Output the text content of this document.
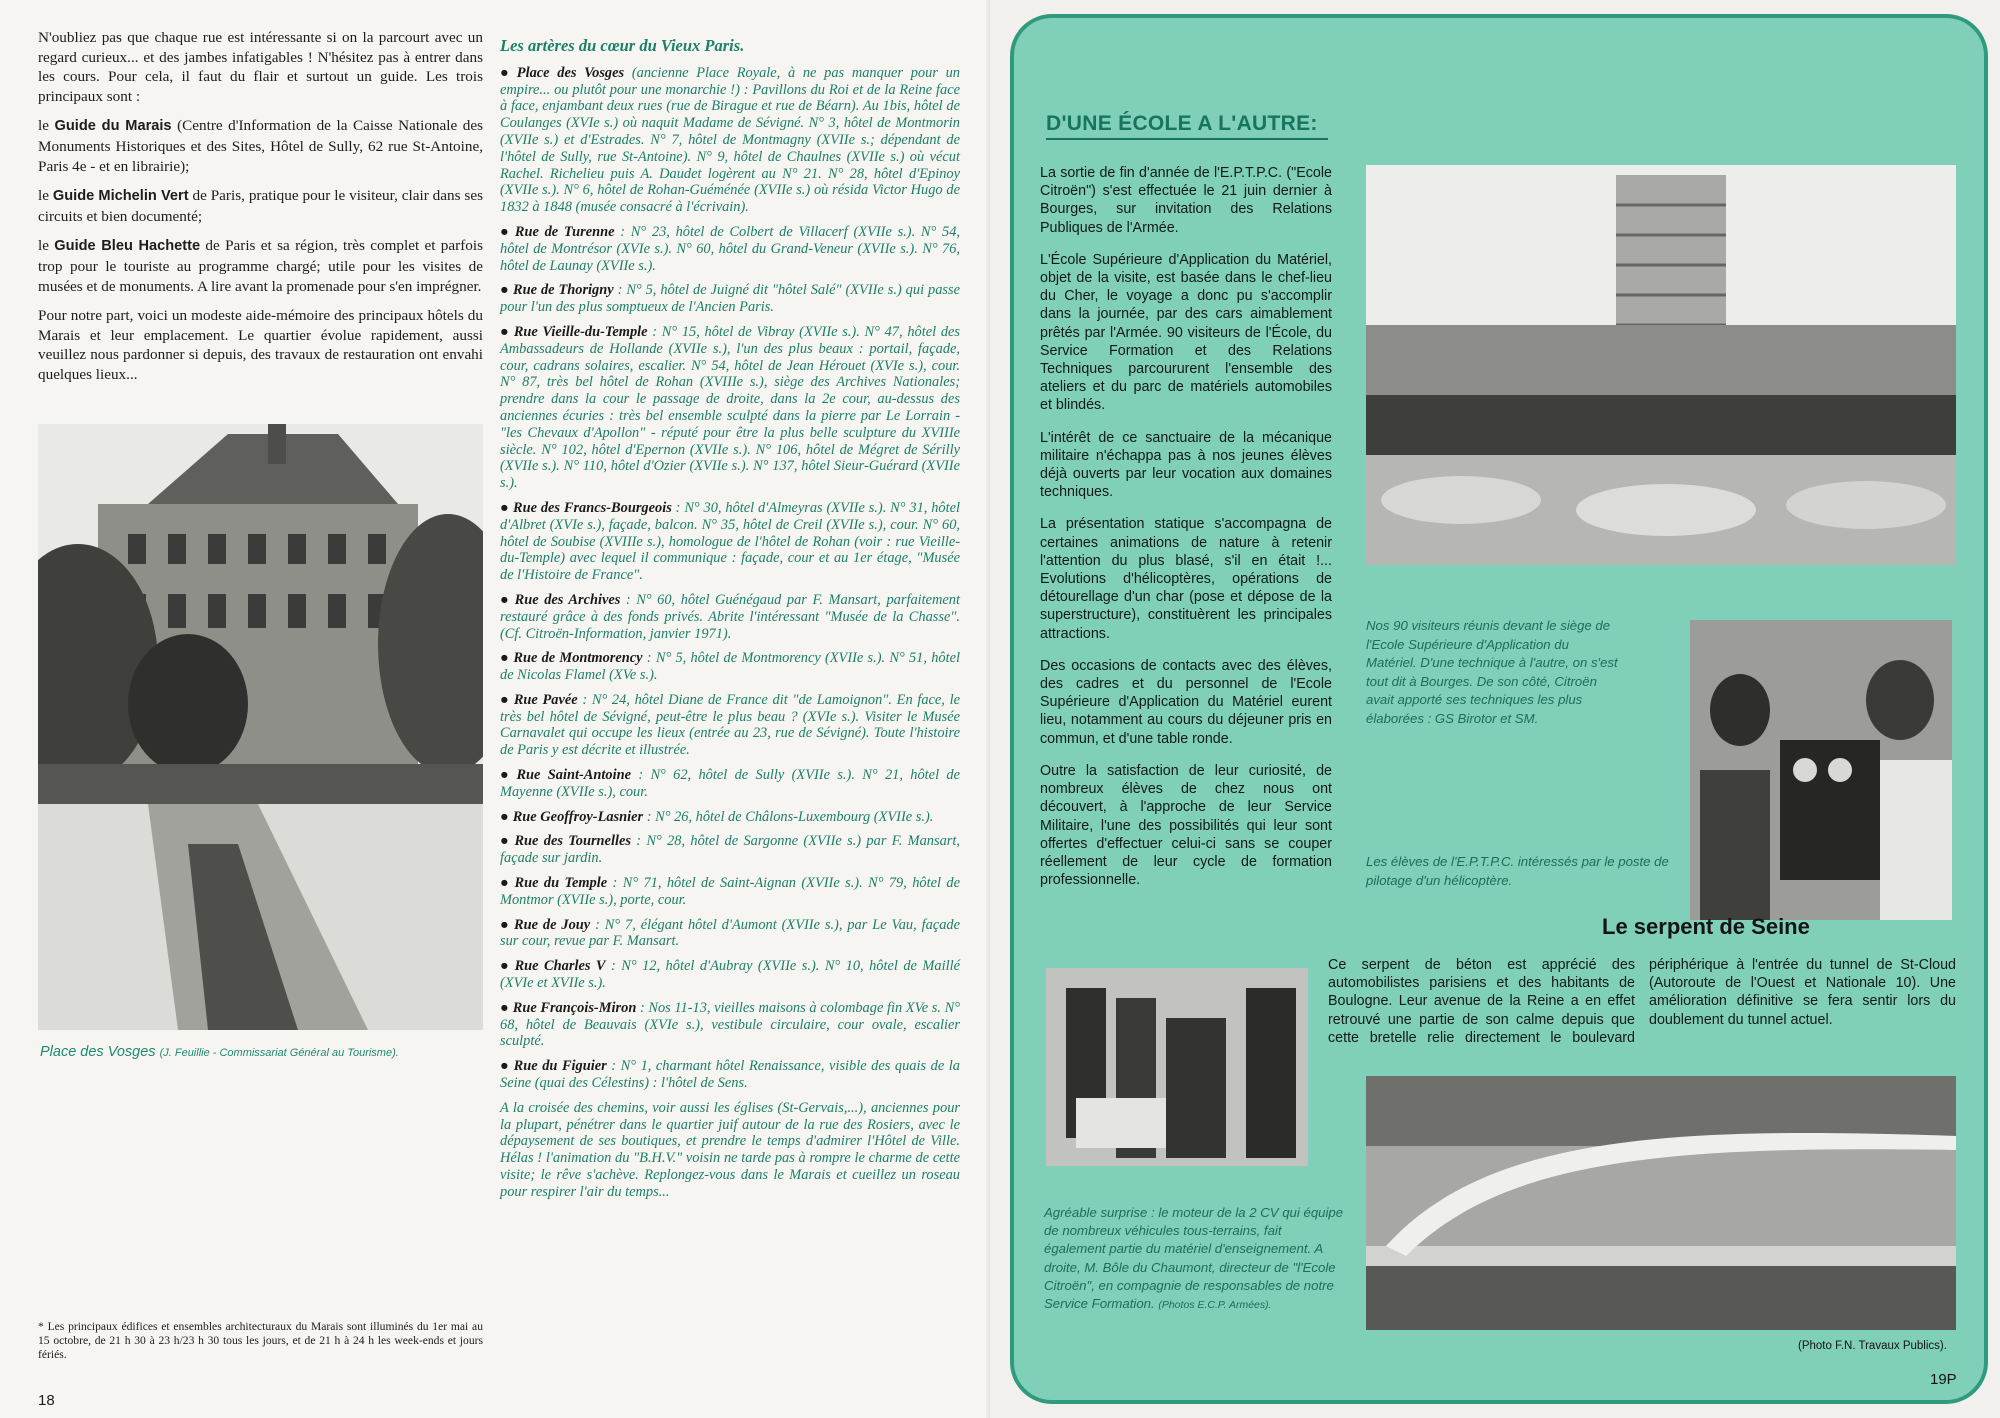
N'oubliez pas que chaque rue est intéressante si on la parcourt avec un regard curieux... et des jambes infatigables ! N'hésitez pas à entrer dans les cours. Pour cela, il faut du flair et surtout un guide. Les trois principaux sont :

le Guide du Marais (Centre d'Information de la Caisse Nationale des Monuments Historiques et des Sites, Hôtel de Sully, 62 rue St-Antoine, Paris 4e - et en librairie);

le Guide Michelin Vert de Paris, pratique pour le visiteur, clair dans ses circuits et bien documenté;

le Guide Bleu Hachette de Paris et sa région, très complet et parfois trop pour le touriste au programme chargé; utile pour les visites de musées et de monuments. A lire avant la promenade pour s'en imprégner.

Pour notre part, voici un modeste aide-mémoire des principaux hôtels du Marais et leur emplacement. Le quartier évolue rapidement, aussi veuillez nous pardonner si depuis, des travaux de restauration ont envahi quelques lieux...

Place des Vosges (J. Feuillie - Commissariat Général au Tourisme).
* Les principaux édifices et ensembles architecturaux du Marais sont illuminés du 1er mai au 15 octobre, de 21 h 30 à 23 h/23 h 30 tous les jours, et de 21 h à 24 h les week-ends et jours fériés.
18
Les artères du cœur du Vieux Paris.
● Place des Vosges (ancienne Place Royale, à ne pas manquer pour un empire... ou plutôt pour une monarchie !) : Pavillons du Roi et de la Reine face à face, enjambant deux rues (rue de Birague et rue de Béarn). Au 1bis, hôtel de Coulanges (XVIe s.) où naquit Madame de Sévigné. N° 3, hôtel de Montmorin (XVIIe s.) et d'Estrades. N° 7, hôtel de Montmagny (XVIIe s.; dépendant de l'hôtel de Sully, rue St-Antoine). N° 9, hôtel de Chaulnes (XVIIe s.) où vécut Rachel. Richelieu puis A. Daudet logèrent au N° 21. N° 28, hôtel d'Epinoy (XVIIe s.). N° 6, hôtel de Rohan-Guéménée (XVIIe s.) où résida Victor Hugo de 1832 à 1848 (musée consacré à l'écrivain).
● Rue de Turenne : N° 23, hôtel de Colbert de Villacerf (XVIIe s.). N° 54, hôtel de Montrésor (XVIe s.). N° 60, hôtel du Grand-Veneur (XVIIe s.). N° 76, hôtel de Launay (XVIIe s.).
● Rue de Thorigny : N° 5, hôtel de Juigné dit "hôtel Salé" (XVIIe s.) qui passe pour l'un des plus somptueux de l'Ancien Paris.
● Rue Vieille-du-Temple : N° 15, hôtel de Vibray (XVIIe s.). N° 47, hôtel des Ambassadeurs de Hollande (XVIIe s.), l'un des plus beaux : portail, façade, cour, cadrans solaires, escalier. N° 54, hôtel de Jean Hérouet (XVIe s.), cour. N° 87, très bel hôtel de Rohan (XVIIIe s.), siège des Archives Nationales; prendre dans la cour le passage de droite, dans la 2e cour, au-dessus des anciennes écuries : très bel ensemble sculpté dans la pierre par Le Lorrain - "les Chevaux d'Apollon" - réputé pour être la plus belle sculpture du XVIIIe siècle. N° 102, hôtel d'Epernon (XVIIe s.). N° 106, hôtel de Mégret de Sérilly (XVIIe s.). N° 110, hôtel d'Ozier (XVIIe s.). N° 137, hôtel Sieur-Guérard (XVIIe s.).
● Rue des Francs-Bourgeois : N° 30, hôtel d'Almeyras (XVIIe s.). N° 31, hôtel d'Albret (XVIe s.), façade, balcon. N° 35, hôtel de Creil (XVIIe s.), cour. N° 60, hôtel de Soubise (XVIIIe s.), homologue de l'hôtel de Rohan (voir : rue Vieille-du-Temple) avec lequel il communique : façade, cour et au 1er étage, "Musée de l'Histoire de France".
● Rue des Archives : N° 60, hôtel Guénégaud par F. Mansart, parfaitement restauré grâce à des fonds privés. Abrite l'intéressant "Musée de la Chasse". (Cf. Citroën-Information, janvier 1971).
● Rue de Montmorency : N° 5, hôtel de Montmorency (XVIIe s.). N° 51, hôtel de Nicolas Flamel (XVe s.).
● Rue Pavée : N° 24, hôtel Diane de France dit "de Lamoignon". En face, le très bel hôtel de Sévigné, peut-être le plus beau ? (XVIe s.). Visiter le Musée Carnavalet qui occupe les lieux (entrée au 23, rue de Sévigné). Toute l'histoire de Paris y est décrite et illustrée.
● Rue Saint-Antoine : N° 62, hôtel de Sully (XVIIe s.). N° 21, hôtel de Mayenne (XVIIe s.), cour.
● Rue Geoffroy-Lasnier : N° 26, hôtel de Châlons-Luxembourg (XVIIe s.).
● Rue des Tournelles : N° 28, hôtel de Sargonne (XVIIe s.) par F. Mansart, façade sur jardin.
● Rue du Temple : N° 71, hôtel de Saint-Aignan (XVIIe s.). N° 79, hôtel de Montmor (XVIIe s.), porte, cour.
● Rue de Jouy : N° 7, élégant hôtel d'Aumont (XVIIe s.), par Le Vau, façade sur cour, revue par F. Mansart.
● Rue Charles V : N° 12, hôtel d'Aubray (XVIIe s.). N° 10, hôtel de Maillé (XVIe et XVIIe s.).
● Rue François-Miron : Nos 11-13, vieilles maisons à colombage fin XVe s. N° 68, hôtel de Beauvais (XVIe s.), vestibule circulaire, cour ovale, escalier sculpté.
● Rue du Figuier : N° 1, charmant hôtel Renaissance, visible des quais de la Seine (quai des Célestins) : l'hôtel de Sens.
A la croisée des chemins, voir aussi les églises (St-Gervais,...), anciennes pour la plupart, pénétrer dans le quartier juif autour de la rue des Rosiers, avec le dépaysement de ses boutiques, et prendre le temps d'admirer l'Hôtel de Ville. Hélas ! l'animation du "B.H.V." voisin ne tarde pas à rompre le charme de cette visite; le rêve s'achève. Replongez-vous dans le Marais et cueillez un roseau pour respirer l'air du temps...
D'UNE ÉCOLE A L'AUTRE:

La sortie de fin d'année de l'E.P.T.P.C. ("Ecole Citroën") s'est effectuée le 21 juin dernier à Bourges, sur invitation des Relations Publiques de l'Armée.

L'École Supérieure d'Application du Matériel, objet de la visite, est basée dans le chef-lieu du Cher, le voyage a donc pu s'accomplir dans la journée, par des cars aimablement prêtés par l'Armée. 90 visiteurs de l'École, du Service Formation et des Relations Techniques parcoururent l'ensemble des ateliers et du parc de matériels automobiles et blindés.

L'intérêt de ce sanctuaire de la mécanique militaire n'échappa pas à nos jeunes élèves déjà ouverts par leur vocation aux domaines techniques.

La présentation statique s'accompagna de certaines animations de nature à retenir l'attention du plus blasé, s'il en était !... Evolutions d'hélicoptères, opérations de détourellage d'un char (pose et dépose de la superstructure), constituèrent les principales attractions.

Des occasions de contacts avec des élèves, des cadres et du personnel de l'Ecole Supérieure d'Application du Matériel eurent lieu, notamment au cours du déjeuner pris en commun, et d'une table ronde.

Outre la satisfaction de leur curiosité, de nombreux élèves de chez nous ont découvert, à l'approche de leur Service Militaire, l'une des possibilités qui leur sont offertes d'effectuer celui-ci sans se couper réellement de leur cycle de formation professionnelle.

Nos 90 visiteurs réunis devant le siège de l'Ecole Supérieure d'Application du Matériel. D'une technique à l'autre, on s'est tout dit à Bourges. De son côté, Citroën avait apporté ses techniques les plus élaborées : GS Birotor et SM.
Les élèves de l'E.P.T.P.C. intéressés par le poste de pilotage d'un hélicoptère.
Le serpent de Seine
Ce serpent de béton est apprécié des automobilistes parisiens et des habitants de Boulogne. Leur avenue de la Reine a en effet retrouvé une partie de son calme depuis que cette bretelle relie directement le boulevard périphérique à l'entrée du tunnel de St-Cloud (Autoroute de l'Ouest et Nationale 10). Une amélioration définitive se fera sentir lors du doublement du tunnel actuel.
Agréable surprise : le moteur de la 2 CV qui équipe de nombreux véhicules tous-terrains, fait également partie du matériel d'enseignement. A droite, M. Bôle du Chaumont, directeur de "l'Ecole Citroën", en compagnie de responsables de notre Service Formation. (Photos E.C.P. Armées).
(Photo F.N. Travaux Publics).
19P
